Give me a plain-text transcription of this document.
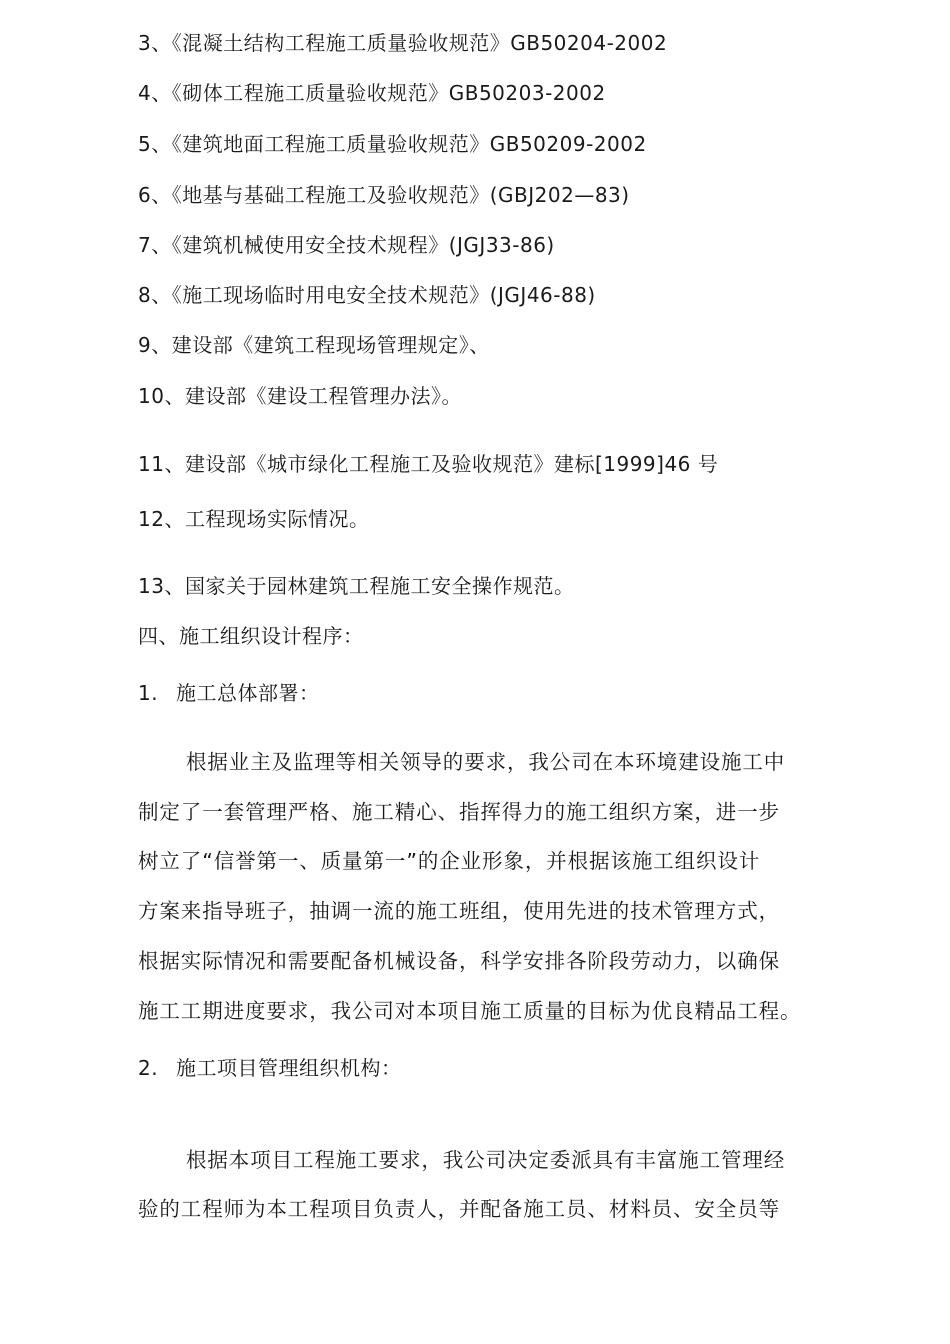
3、《混凝土结构工程施工质量验收规范》GB50204-2002
4、《砌体工程施工质量验收规范》GB50203-2002
5、《建筑地面工程施工质量验收规范》GB50209-2002
6、《地基与基础工程施工及验收规范》(GBJ202—83)
7、《建筑机械使用安全技术规程》(JGJ33-86)
8、《施工现场临时用电安全技术规范》(JGJ46-88)
9、建设部《建筑工程现场管理规定》、
10、建设部《建设工程管理办法》。
11、建设部《城市绿化工程施工及验收规范》建标[1999]46 号
12、工程现场实际情况。
13、国家关于园林建筑工程施工安全操作规范。
四、施工组织设计程序：
1. 施工总体部署：
根据业主及监理等相关领导的要求，我公司在本环境建设施工中
制定了一套管理严格、施工精心、指挥得力的施工组织方案，进一步
树立了“信誉第一、质量第一”的企业形象，并根据该施工组织设计
方案来指导班子，抽调一流的施工班组，使用先进的技术管理方式，
根据实际情况和需要配备机械设备，科学安排各阶段劳动力，以确保
施工工期进度要求，我公司对本项目施工质量的目标为优良精品工程。
2. 施工项目管理组织机构：
根据本项目工程施工要求，我公司决定委派具有丰富施工管理经
验的工程师为本工程项目负责人，并配备施工员、材料员、安全员等
